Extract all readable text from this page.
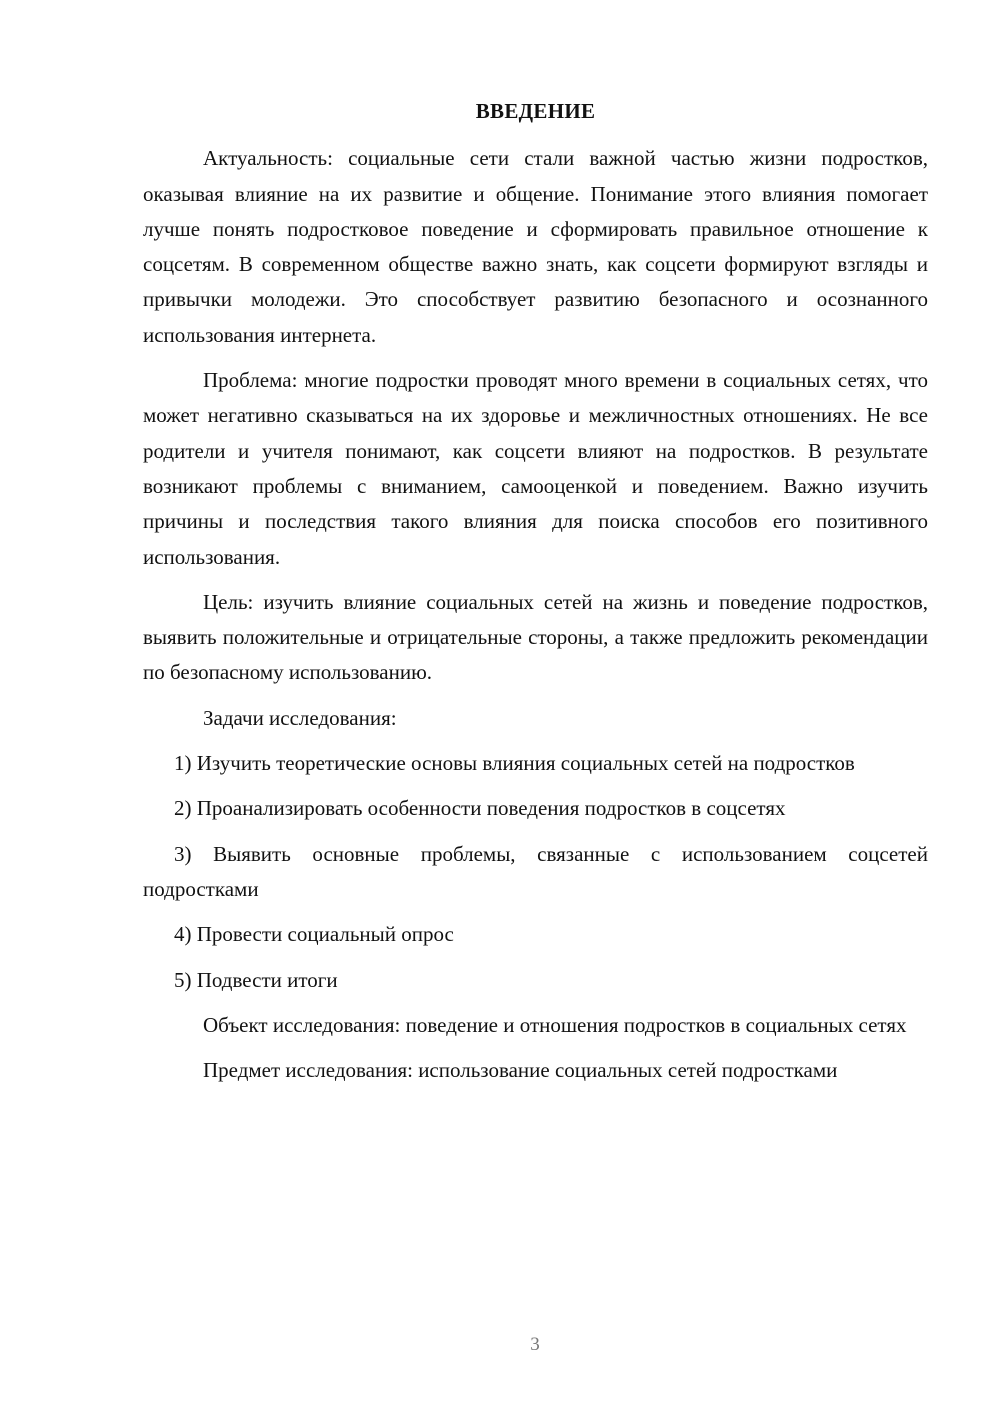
ВВЕДЕНИЕ

Актуальность: социальные сети стали важной частью жизни подростков, оказывая влияние на их развитие и общение. Понимание этого влияния помогает лучше понять подростковое поведение и сформировать правильное отношение к соцсетям. В современном обществе важно знать, как соцсети формируют взгляды и привычки молодежи. Это способствует развитию безопасного и осознанного использования интернета.

Проблема: многие подростки проводят много времени в социальных сетях, что может негативно сказываться на их здоровье и межличностных отношениях. Не все родители и учителя понимают, как соцсети влияют на подростков. В результате возникают проблемы с вниманием, самооценкой и поведением. Важно изучить причины и последствия такого влияния для поиска способов его позитивного использования.

Цель: изучить влияние социальных сетей на жизнь и поведение подростков, выявить положительные и отрицательные стороны, а также предложить рекомендации по безопасному использованию.

Задачи исследования:

1) Изучить теоретические основы влияния социальных сетей на подростков

2) Проанализировать особенности поведения подростков в соцсетях

3) Выявить основные проблемы, связанные с использованием соцсетей подростками

4) Провести социальный опрос

5) Подвести итоги

Объект исследования: поведение и отношения подростков в социальных сетях

Предмет исследования: использование социальных сетей подростками

3
